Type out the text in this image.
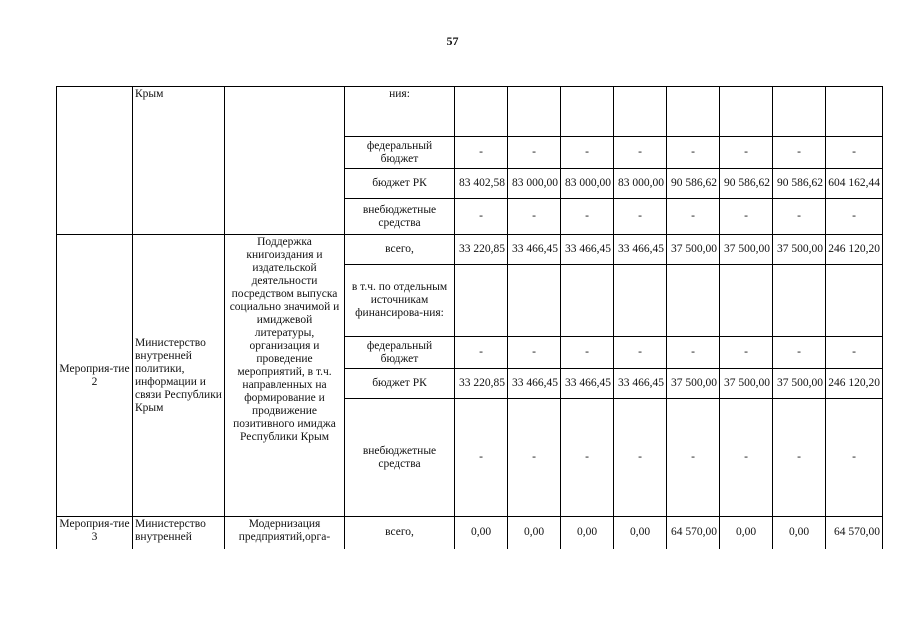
57
	Крым		ния:								
			федеральный бюджет	-	-	-	-	-	-	-	-
			бюджет РК	83 402,58	83 000,00	83 000,00	83 000,00	90 586,62	90 586,62	90 586,62	604 162,44
			внебюджетные средства	-	-	-	-	-	-	-	-
Мероприя-тие 2	Министерство внутренней политики, информации и связи Республики Крым	Поддержка книгоиздания и издательской деятельности посредством выпуска социально значимой и имиджевой литературы, организация и проведение мероприятий, в т.ч. направленных на формирование и продвижение позитивного имиджа Республики Крым	всего,	33 220,85	33 466,45	33 466,45	33 466,45	37 500,00	37 500,00	37 500,00	246 120,20
			в т.ч. по отдельным источникам финансирова-ния:								
			федеральный бюджет	-	-	-	-	-	-	-	-
			бюджет РК	33 220,85	33 466,45	33 466,45	33 466,45	37 500,00	37 500,00	37 500,00	246 120,20
			внебюджетные средства	-	-	-	-	-	-	-	-
Мероприя-тие 3	Министерство внутренней	Модернизация предприятий,орга-	всего,	0,00	0,00	0,00	0,00	64 570,00	0,00	0,00	64 570,00
